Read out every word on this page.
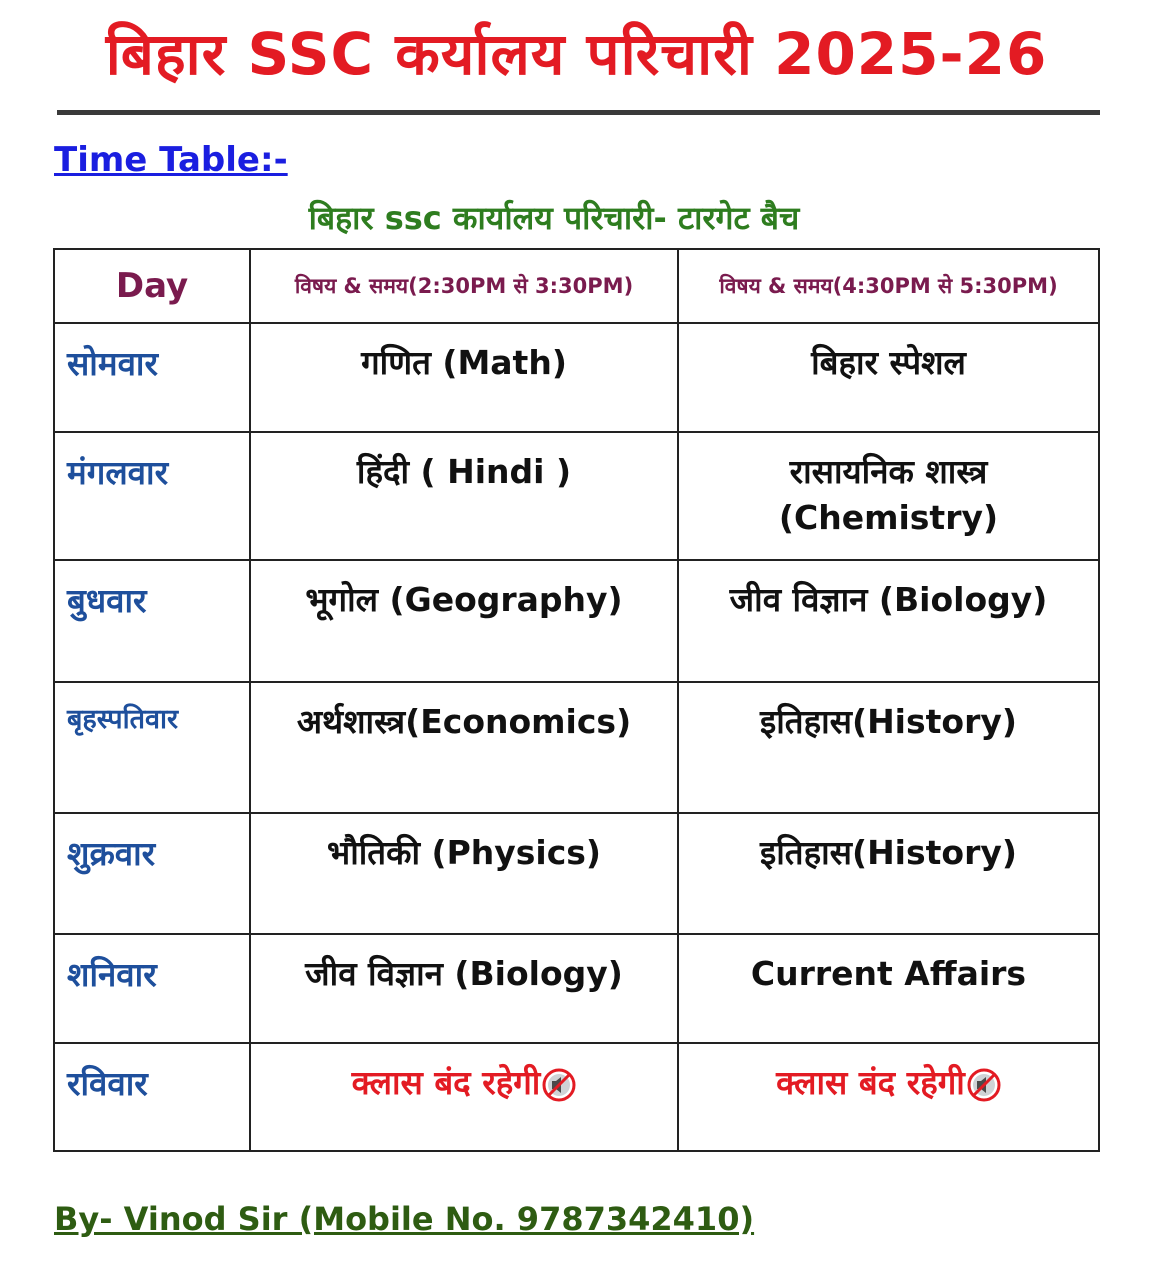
बिहार SSC कर्यालय परिचारी 2025-26
Time Table:-
बिहार ssc कार्यालय परिचारी- टारगेट बैच
Day	विषय & समय(2:30PM से 3:30PM)	विषय & समय(4:30PM से 5:30PM)
सोमवार	गणित (Math)	बिहार स्पेशल
मंगलवार	हिंदी ( Hindi )	रासायनिक शास्त्र (Chemistry)
बुधवार	भूगोल (Geography)	जीव विज्ञान (Biology)
बृहस्पतिवार	अर्थशास्त्र(Economics)	इतिहास(History)
शुक्रवार	भौतिकी (Physics)	इतिहास(History)
शनिवार	जीव विज्ञान (Biology)	Current Affairs
रविवार	क्लास बंद रहेगी	क्लास बंद रहेगी
By- Vinod Sir (Mobile No. 9787342410)
